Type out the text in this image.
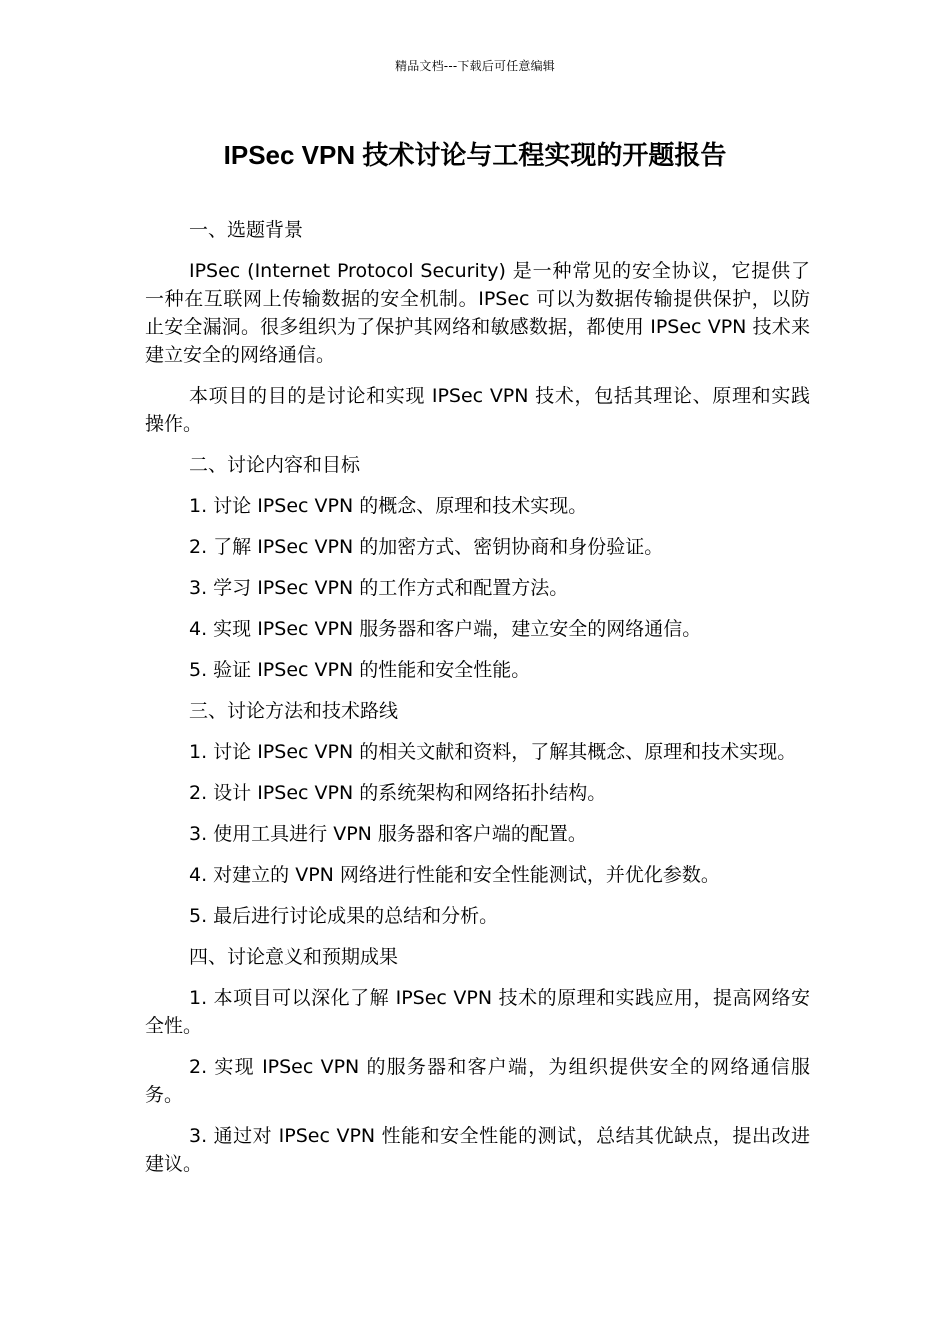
精品文档---下载后可任意编辑
IPSec VPN 技术讨论与工程实现的开题报告

一、选题背景

IPSec (Internet Protocol Security) 是一种常见的安全协议，它提供了一种在互联网上传输数据的安全机制。IPSec 可以为数据传输提供保护，以防止安全漏洞。很多组织为了保护其网络和敏感数据，都使用 IPSec VPN 技术来建立安全的网络通信。

本项目的目的是讨论和实现 IPSec VPN 技术，包括其理论、原理和实践操作。

二、讨论内容和目标

1. 讨论 IPSec VPN 的概念、原理和技术实现。

2. 了解 IPSec VPN 的加密方式、密钥协商和身份验证。

3. 学习 IPSec VPN 的工作方式和配置方法。

4. 实现 IPSec VPN 服务器和客户端，建立安全的网络通信。

5. 验证 IPSec VPN 的性能和安全性能。

三、讨论方法和技术路线

1. 讨论 IPSec VPN 的相关文献和资料，了解其概念、原理和技术实现。

2. 设计 IPSec VPN 的系统架构和网络拓扑结构。

3. 使用工具进行 VPN 服务器和客户端的配置。

4. 对建立的 VPN 网络进行性能和安全性能测试，并优化参数。

5. 最后进行讨论成果的总结和分析。

四、讨论意义和预期成果

1. 本项目可以深化了解 IPSec VPN 技术的原理和实践应用，提高网络安全性。

2. 实现 IPSec VPN 的服务器和客户端，为组织提供安全的网络通信服务。

3. 通过对 IPSec VPN 性能和安全性能的测试，总结其优缺点，提出改进建议。
